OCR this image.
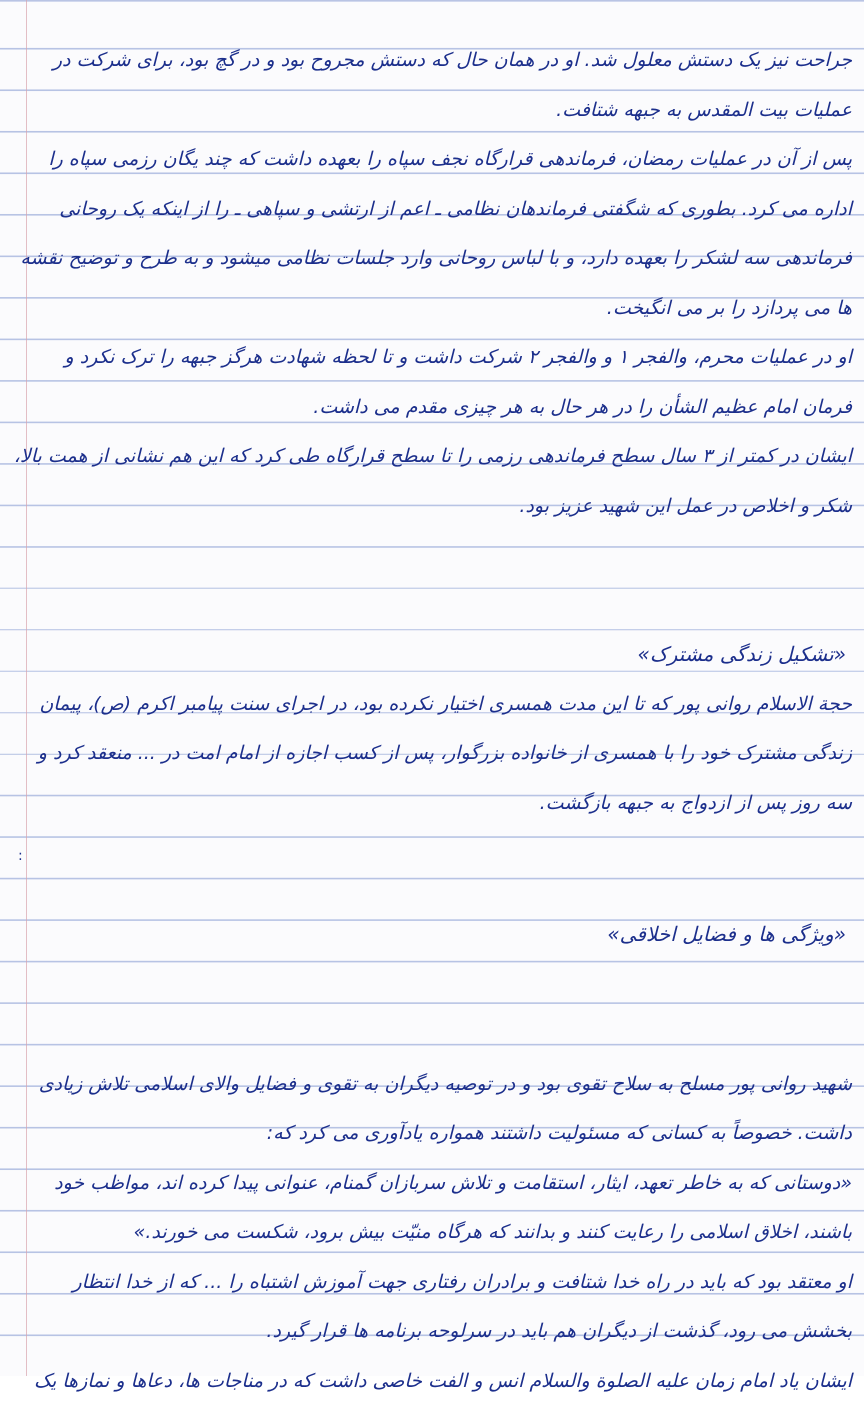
:

جراحت نیز یک دستش معلول شد. او در همان حال که دستش مجروح بود و در گچ بود، برای شرکت در عملیات بیت المقدس به جبهه شتافت.

پس از آن در عملیات رمضان، فرماندهی قرارگاه نجف سپاه را بعهده داشت که چند یگان رزمی سپاه را اداره می کرد. بطوری که شگفتی فرماندهان نظامی ـ اعم از ارتشی و سپاهی ـ را از اینکه یک روحانی فرماندهی سه لشکر را بعهده دارد، و با لباس روحانی وارد جلسات نظامی میشود و به طرح و توضیح نقشه ها می پردازد را بر می انگیخت.

او در عملیات محرم، والفجر ۱ و والفجر ۲ شرکت داشت و تا لحظه شهادت هرگز جبهه را ترک نکرد و فرمان امام عظیم الشأن را در هر حال به هر چیزی مقدم می داشت.

ایشان در کمتر از ۳ سال سطح فرماندهی رزمی را تا سطح قرارگاه طی کرد که این هم نشانی از همت بالا، شکر و اخلاص در عمل این شهید عزیز بود.

«تشکیل زندگی مشترک»

حجة الاسلام روانی پور که تا این مدت همسری اختیار نکرده بود، در اجرای سنت پیامبر اکرم (ص)، پیمان زندگی مشترک خود را با همسری از خانواده بزرگوار، پس از کسب اجازه از امام امت در ... منعقد کرد و سه روز پس از ازدواج به جبهه بازگشت.

«ویژگی ها و فضایل اخلاقی»

شهید روانی پور مسلح به سلاح تقوی بود و در توصیه دیگران به تقوی و فضایل والای اسلامی تلاش زیادی داشت. خصوصاً به کسانی که مسئولیت داشتند همواره یادآوری می کرد که:

«دوستانی که به خاطر تعهد، ایثار، استقامت و تلاش سربازان گمنام، عنوانی پیدا کرده اند، مواظب خود باشند، اخلاق اسلامی را رعایت کنند و بدانند که هرگاه منیّت بیش برود، شکست می خورند.»

او معتقد بود که باید در راه خدا شتافت و برادران رفتاری جهت آموزش اشتباه را ... که از خدا انتظار بخشش می رود، گذشت از دیگران هم باید در سرلوحه برنامه ها قرار گیرد.

ایشان یاد امام زمان علیه الصلوة والسلام انس و الفت خاصی داشت که در مناجات ها، دعاها و نمازها یک
